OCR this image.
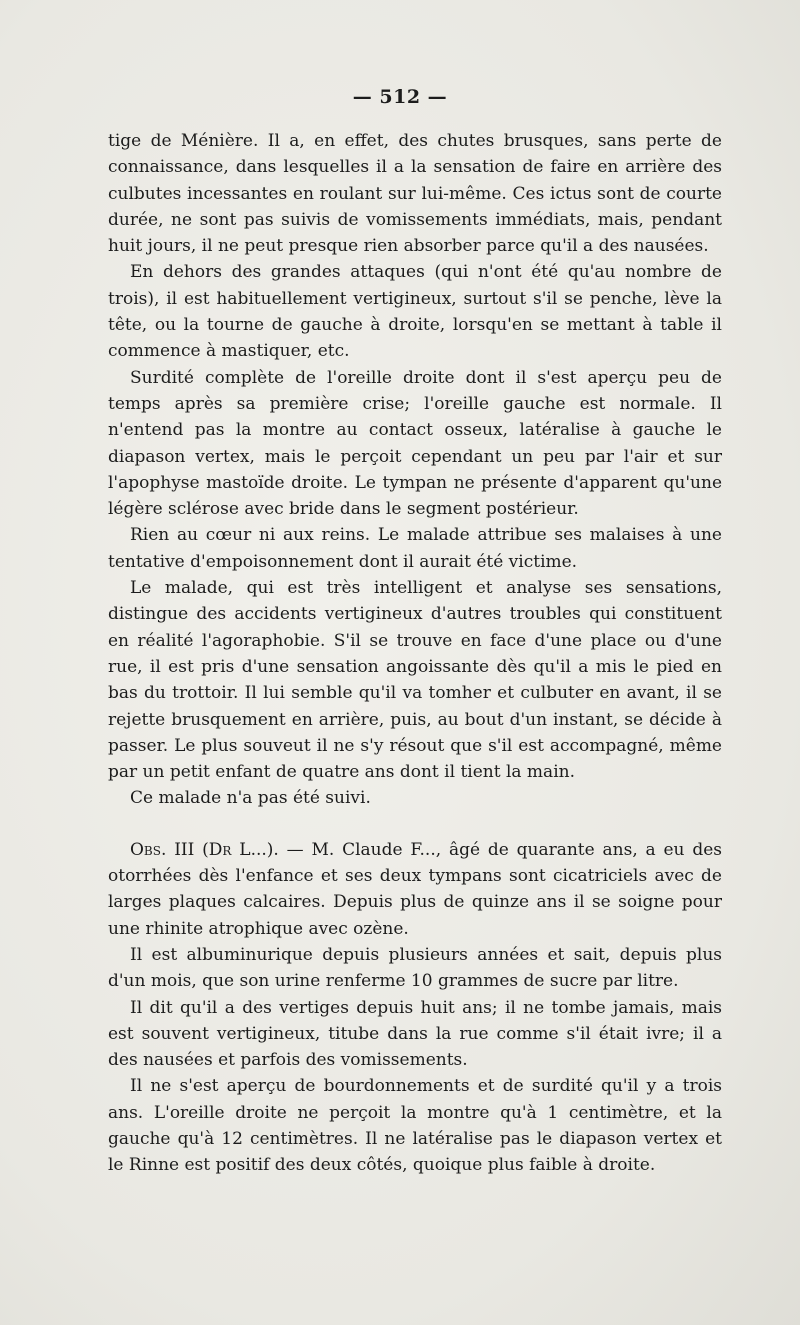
— 512 —

tige de Ménière. Il a, en effet, des chutes brusques, sans perte de connaissance, dans lesquelles il a la sensation de faire en arrière des culbutes incessantes en roulant sur lui-même. Ces ictus sont de courte durée, ne sont pas suivis de vomissements immédiats, mais, pendant huit jours, il ne peut presque rien absorber parce qu'il a des nausées.

En dehors des grandes attaques (qui n'ont été qu'au nombre de trois), il est habituellement vertigineux, surtout s'il se penche, lève la tête, ou la tourne de gauche à droite, lorsqu'en se mettant à table il commence à mastiquer, etc.

Surdité complète de l'oreille droite dont il s'est aperçu peu de temps après sa première crise; l'oreille gauche est normale. Il n'entend pas la montre au contact osseux, latéralise à gauche le diapason vertex, mais le perçoit cependant un peu par l'air et sur l'apophyse mastoïde droite. Le tympan ne présente d'apparent qu'une légère sclérose avec bride dans le segment postérieur.

Rien au cœur ni aux reins. Le malade attribue ses malaises à une tentative d'empoisonnement dont il aurait été victime.

Le malade, qui est très intelligent et analyse ses sensations, distingue des accidents vertigineux d'autres troubles qui constituent en réalité l'agoraphobie. S'il se trouve en face d'une place ou d'une rue, il est pris d'une sensation angoissante dès qu'il a mis le pied en bas du trottoir. Il lui semble qu'il va tomher et culbuter en avant, il se rejette brusquement en arrière, puis, au bout d'un instant, se décide à passer. Le plus souveut il ne s'y résout que s'il est accompagné, même par un petit enfant de quatre ans dont il tient la main.

Ce malade n'a pas été suivi.

Obs. III (Dr L...). — M. Claude F..., âgé de quarante ans, a eu des otorrhées dès l'enfance et ses deux tympans sont cicatriciels avec de larges plaques calcaires. Depuis plus de quinze ans il se soigne pour une rhinite atrophique avec ozène.

Il est albuminurique depuis plusieurs années et sait, depuis plus d'un mois, que son urine renferme 10 grammes de sucre par litre.

Il dit qu'il a des vertiges depuis huit ans; il ne tombe jamais, mais est souvent vertigineux, titube dans la rue comme s'il était ivre; il a des nausées et parfois des vomissements.

Il ne s'est aperçu de bourdonnements et de surdité qu'il y a trois ans. L'oreille droite ne perçoit la montre qu'à 1 centimètre, et la gauche qu'à 12 centimètres. Il ne latéralise pas le diapason vertex et le Rinne est positif des deux côtés, quoique plus faible à droite.
